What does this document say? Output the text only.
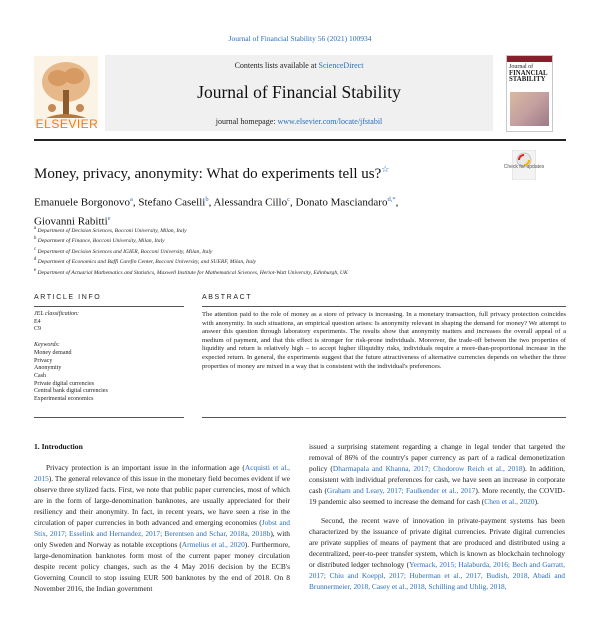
Journal of Financial Stability 56 (2021) 100934
Contents lists available at ScienceDirect
Journal of Financial Stability
journal homepage: www.elsevier.com/locate/jfstabil
ELSEVIER
Journal of
FINANCIAL
STABILITY
Money, privacy, anonymity: What do experiments tell us?☆	Check for updates
Emanuele Borgonovo$^a$, Stefano Caselli$^b$, Alessandra Cillo$^c$, Donato Masciandaro$^{d,*}$,
Giovanni Rabitti$^e$
$^a$ Department of Decision Sciences, Bocconi University, Milan, Italy
$^b$ Department of Finance, Bocconi University, Milan, Italy
$^c$ Department of Decision Sciences and IGIER, Bocconi University, Milan, Italy
$^d$ Department of Economics and Baffi Carefin Center, Bocconi University, and SUERF, Milan, Italy
$^e$ Department of Actuarial Mathematics and Statistics, Maxwell Institute for Mathematical Sciences, Heriot-Watt University, Edinburgh, UK
ARTICLE INFO	ABSTRACT
JEL classification:
E4
C9
Keywords:
Money demand
Privacy
Anonymity
Cash
Private digital currencies
Central bank digital currencies
Experimental economics
The attention paid to the role of money as a store of privacy is increasing. In a monetary transaction, full privacy protection coincides with anonymity. In such situations, an empirical question arises: Is anonymity relevant in shaping the demand for money? We attempt to answer this question through laboratory experiments. The results show that anonymity matters and increases the overall appeal of a medium of payment, and that this effect is stronger for risk-prone individuals. Moreover, the trade-off between the two properties of liquidity and return is relatively high – to accept higher illiquidity risks, individuals require a more-than-proportional increase in the expected return. In general, the experiments suggest that the future attractiveness of alternative currencies depends on whether the three properties of money are mixed in a way that is consistent with the individual's preferences.
1. Introduction

Privacy protection is an important issue in the information age (Acquisti et al., 2015). The general relevance of this issue in the monetary field becomes evident if we observe three stylized facts. First, we note that public paper currencies, most of which are in the form of large-denomination banknotes, are usually appreciated for their resiliency and their anonymity. In fact, in recent years, we have seen a rise in the circulation of paper currencies in both advanced and emerging economies (Jobst and Stix, 2017; Esselink and Hernandez, 2017; Berentsen and Schar, 2018a, 2018b), with only Sweden and Norway as notable exceptions (Armelius et al., 2020). Furthermore, large-denomination banknotes form most of the current paper money circulation despite recent policy changes, such as the 4 May 2016 decision by the ECB's Governing Council to stop issuing EUR 500 banknotes by the end of 2018. On 8 November 2016, the Indian government

issued a surprising statement regarding a change in legal tender that targeted the removal of 86% of the country's paper currency as part of a radical demonetization policy (Dharmapala and Khanna, 2017; Chodorow Reich et al., 2018). In addition, consistent with individual preferences for cash, we have seen an increase in corporate cash (Graham and Leary, 2017; Faulkender et al., 2017). More recently, the COVID-19 pandemic also seemed to increase the demand for cash (Chen et al., 2020).

Second, the recent wave of innovation in private-payment systems has been characterized by the issuance of private digital currencies. Private digital currencies are private supplies of means of payment that are produced and distributed using a decentralized, peer-to-peer transfer system, which is known as blockchain technology or distributed ledger technology (Yermack, 2015; Halaburda, 2016; Bech and Garratt, 2017; Chiu and Koeppl, 2017; Huberman et al., 2017, Budish, 2018, Abadi and Brunnermeier, 2018, Casey et al., 2018, Schilling and Uhlig, 2018,
